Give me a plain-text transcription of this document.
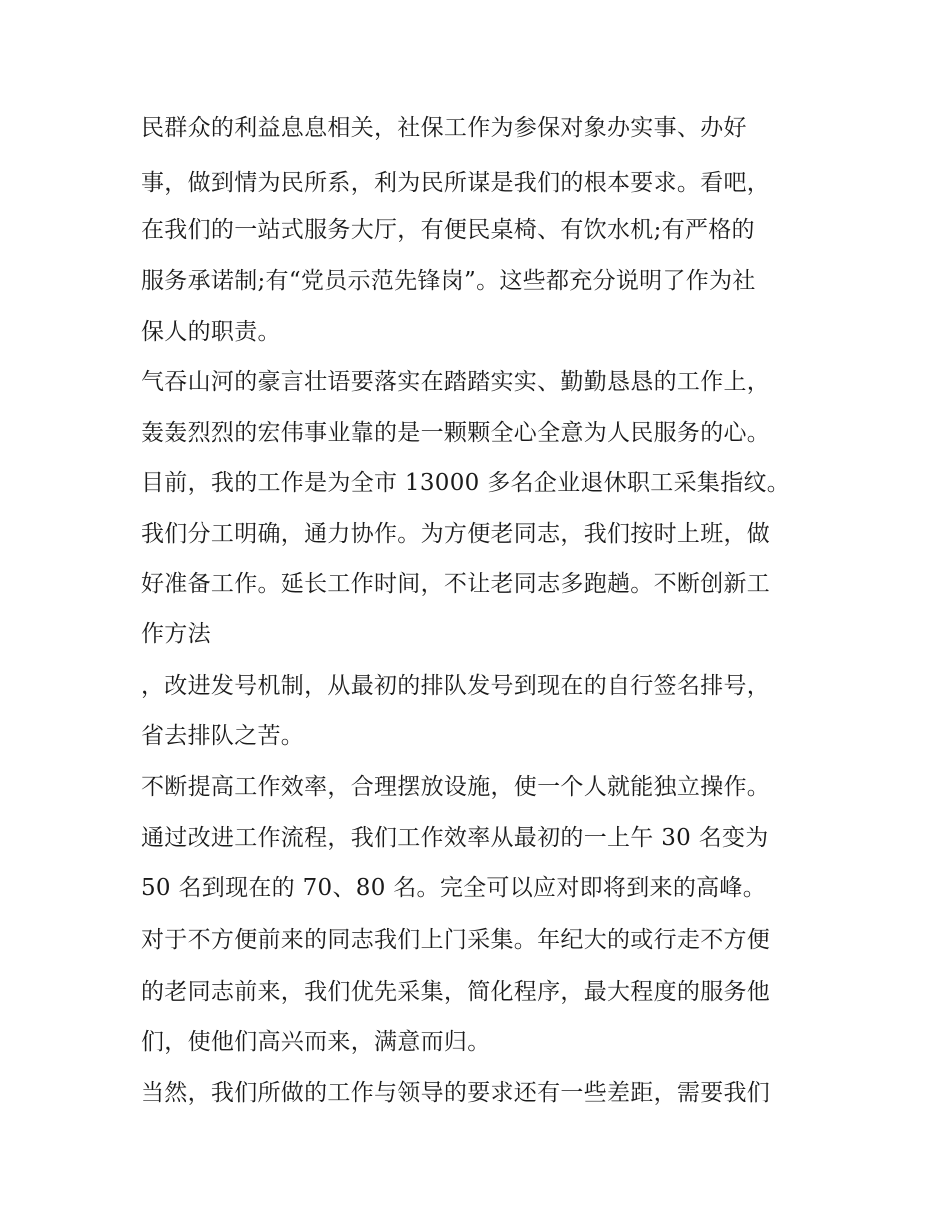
民群众的利益息息相关，社保工作为参保对象办实事、办好
事，做到情为民所系，利为民所谋是我们的根本要求。看吧，
在我们的一站式服务大厅，有便民桌椅、有饮水机;有严格的
服务承诺制;有“党员示范先锋岗”。这些都充分说明了作为社
保人的职责。
气吞山河的豪言壮语要落实在踏踏实实、勤勤恳恳的工作上，
轰轰烈烈的宏伟事业靠的是一颗颗全心全意为人民服务的心。
目前，我的工作是为全市 13000 多名企业退休职工采集指纹。
我们分工明确，通力协作。为方便老同志，我们按时上班，做
好准备工作。延长工作时间，不让老同志多跑趟。不断创新工
作方法
，改进发号机制，从最初的排队发号到现在的自行签名排号，
省去排队之苦。
不断提高工作效率，合理摆放设施，使一个人就能独立操作。
通过改进工作流程，我们工作效率从最初的一上午 30 名变为
50 名到现在的 70、80 名。完全可以应对即将到来的高峰。
对于不方便前来的同志我们上门采集。年纪大的或行走不方便
的老同志前来，我们优先采集，简化程序，最大程度的服务他
们，使他们高兴而来，满意而归。
当然，我们所做的工作与领导的要求还有一些差距，需要我们
